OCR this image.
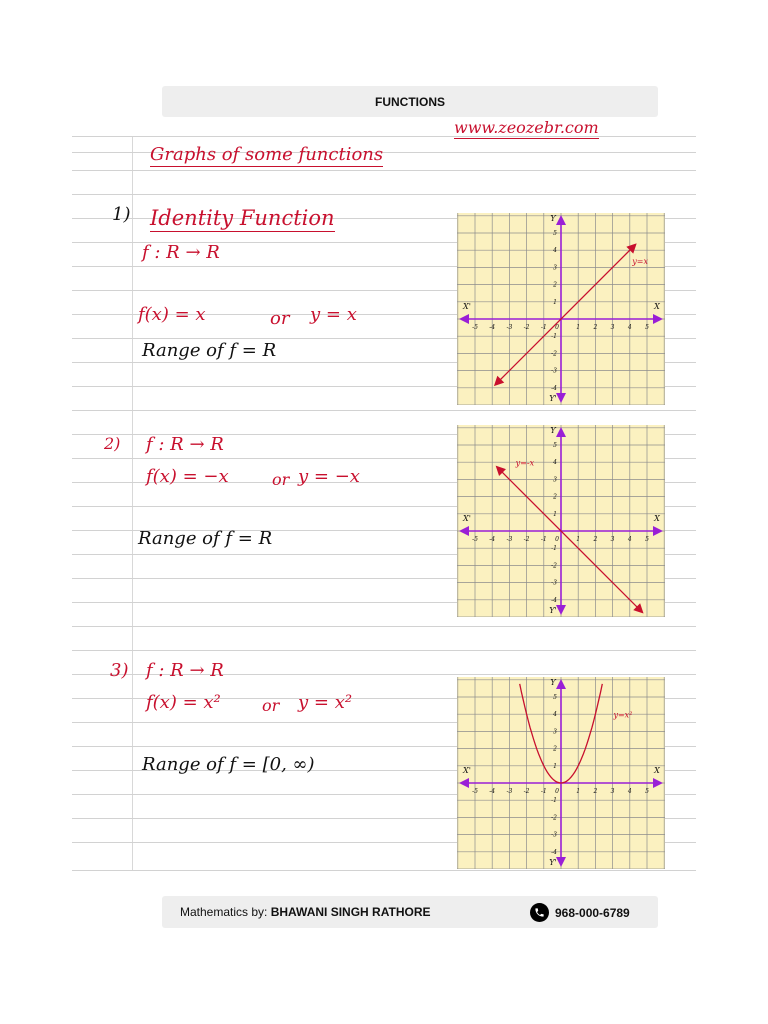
FUNCTIONS
www.zeozebr.com
Graphs of some functions
1) Identity Function
f : R → R
f(x) = x	or y = x
Range of f = R
2) f : R → R
f(x) = −x	or y = −x
Range of f = R
3) f : R → R
f(x) = x²	or y = x²
Range of f = [0, ∞)
X
X'
Y
Y'
-5 -4 -3 -2 -1 0	1 2 3 4 5
5
4
3
2
1
-1
-2
-3
-4
y=x
X
X'
Y
Y'
-5 -4 -3 -2 -1 0	1 2 3 4 5
5
4
3
2
1
-1
-2
-3
-4
y=-x
X
X'
Y
Y'
-5 -4 -3 -2 -1 0	1 2 3 4 5
5
4
3
2
1
-1
-2
-3
-4
y=x²
Mathematics by: BHAWANI SINGH RATHORE	968-000-6789
